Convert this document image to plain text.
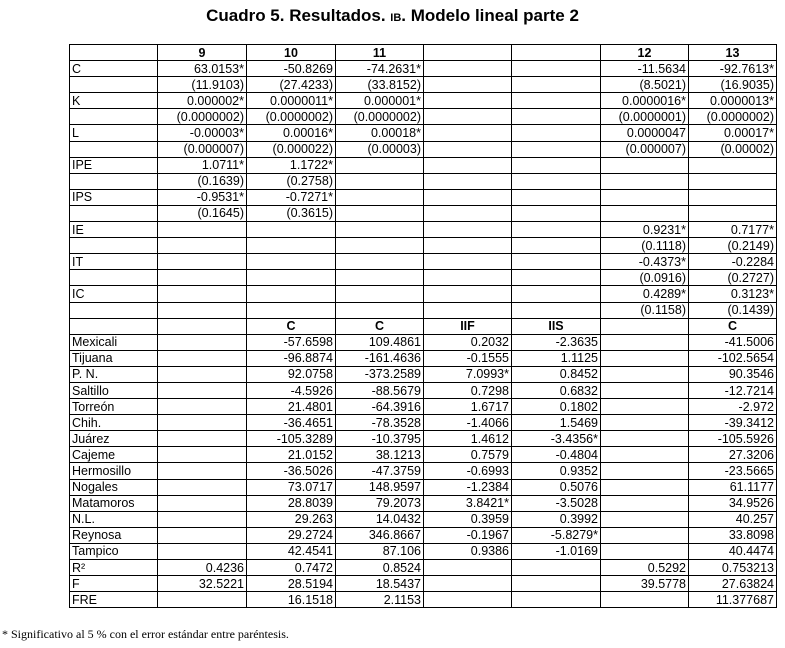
Cuadro 5. Resultados. IB. Modelo lineal parte 2
	9	10	11			12	13
C	63.0153*	-50.8269	-74.2631*			-11.5634	-92.7613*
	(11.9103)	(27.4233)	(33.8152)			(8.5021)	(16.9035)
K	0.000002*	0.0000011*	0.000001*			0.0000016*	0.0000013*
	(0.0000002)	(0.0000002)	(0.0000002)			(0.0000001)	(0.0000002)
L	-0.00003*	0.00016*	0.00018*			0.0000047	0.00017*
	(0.000007)	(0.000022)	(0.00003)			(0.000007)	(0.00002)
IPE	1.0711*	1.1722*					
	(0.1639)	(0.2758)					
IPS	-0.9531*	-0.7271*					
	(0.1645)	(0.3615)					
IE						0.9231*	0.7177*
						(0.1118)	(0.2149)
IT						-0.4373*	-0.2284
						(0.0916)	(0.2727)
IC						0.4289*	0.3123*
						(0.1158)	(0.1439)
		C	C	IIF	IIS		C
Mexicali		-57.6598	109.4861	0.2032	-2.3635		-41.5006
Tijuana		-96.8874	-161.4636	-0.1555	1.1125		-102.5654
P. N.		92.0758	-373.2589	7.0993*	0.8452		90.3546
Saltillo		-4.5926	-88.5679	0.7298	0.6832		-12.7214
Torreón		21.4801	-64.3916	1.6717	0.1802		-2.972
Chih.		-36.4651	-78.3528	-1.4066	1.5469		-39.3412
Juárez		-105.3289	-10.3795	1.4612	-3.4356*		-105.5926
Cajeme		21.0152	38.1213	0.7579	-0.4804		27.3206
Hermosillo		-36.5026	-47.3759	-0.6993	0.9352		-23.5665
Nogales		73.0717	148.9597	-1.2384	0.5076		61.1177
Matamoros		28.8039	79.2073	3.8421*	-3.5028		34.9526
N.L.		29.263	14.0432	0.3959	0.3992		40.257
Reynosa		29.2724	346.8667	-0.1967	-5.8279*		33.8098
Tampico		42.4541	87.106	0.9386	-1.0169		40.4474
R²	0.4236	0.7472	0.8524			0.5292	0.753213
F	32.5221	28.5194	18.5437			39.5778	27.63824
FRE		16.1518	2.1153				11.377687
* Significativo al 5 % con el error estándar entre paréntesis.
